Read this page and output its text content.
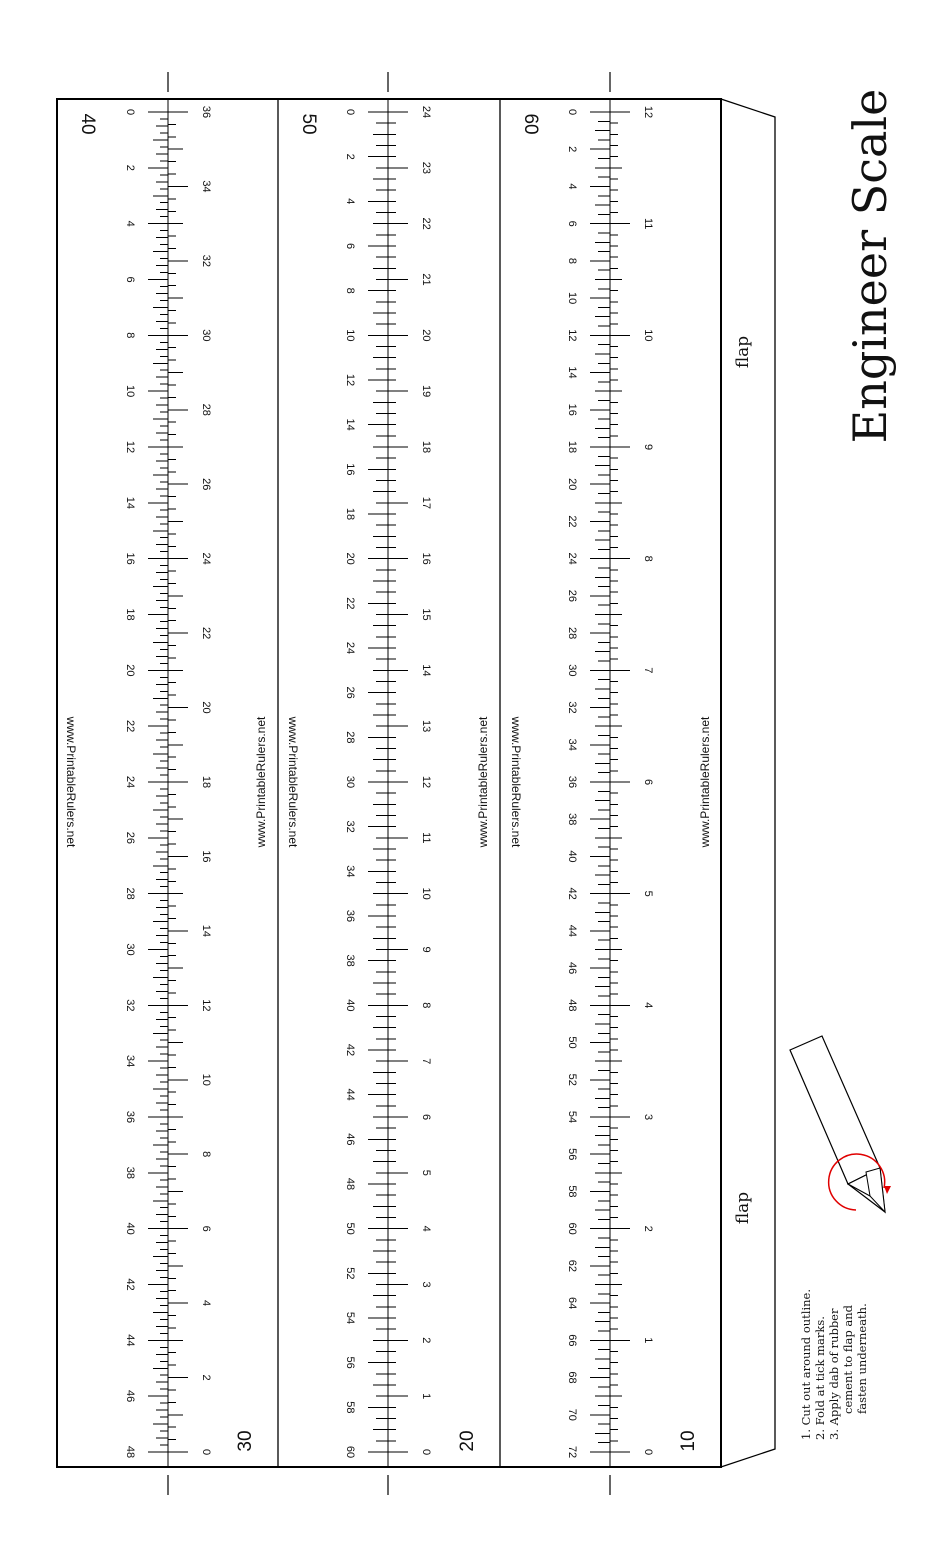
flap
flap
Engineer Scale
1. Cut out around outline. 2. Fold at tick marks. 3. Apply dab of rubber cement to flap and fasten underneath.
0
2
4
6
8
10
12
14
16
18
20
22
24
26
28
30
32
34
36
38
40
42
44
46
48
40
0
2
4
6
8
10
12
14
16
18
20
22
24
26
28
30
32
34
36
30
www.PrintableRulers.net	www.PrintableRulers.net
0
2
4
6
8
10
12
14
16
18
20
22
24
26
28
30
32
34
36
38
40
42
44
46
48
50
52
54
56
58
60
50
0
1
2
3
4
5
6
7
8
9
10
11
12
13
14
15
16
17
18
19
20
21
22
23
24
20
www.PrintableRulers.net	www.PrintableRulers.net
0
2
4
6
8
10
12
14
16
18
20
22
24
26
28
30
32
34
36
38
40
42
44
46
48
50
52
54
56
58
60
62
64
66
68
70
72
60
0
1
2
3
4
5
6
7
8
9
10
11
12
10
www.PrintableRulers.net	www.PrintableRulers.net
